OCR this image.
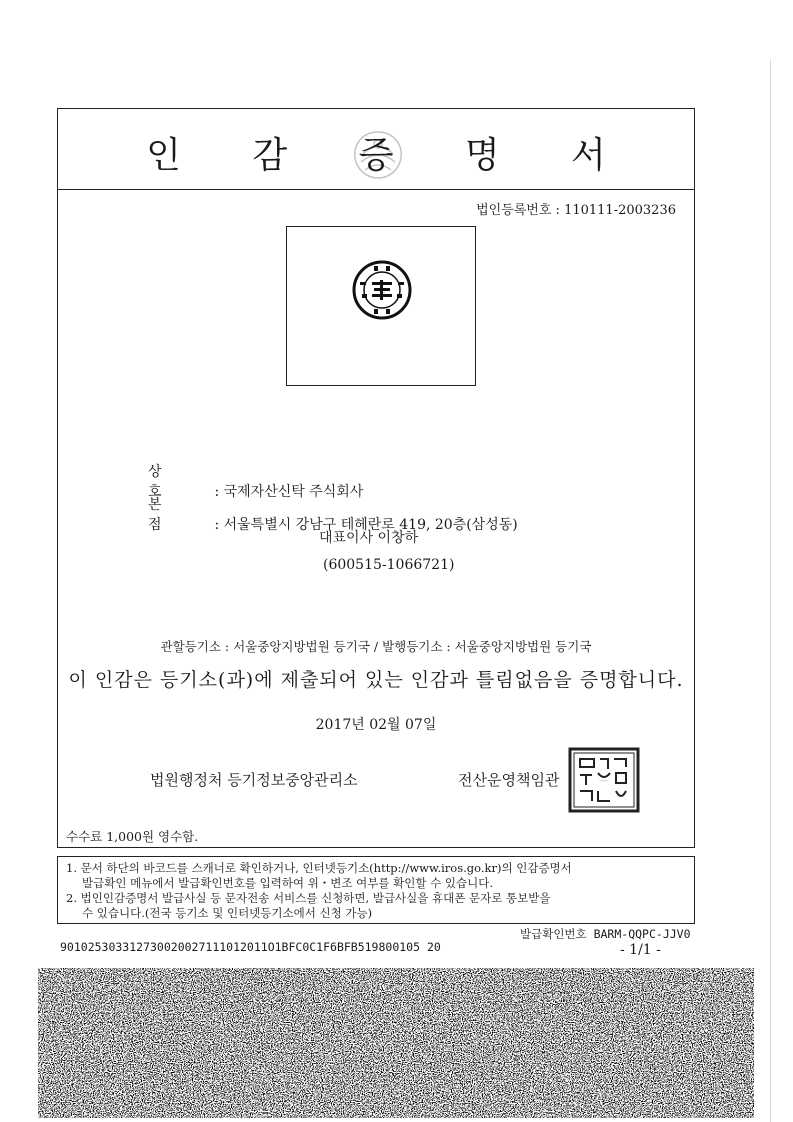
인 감 증 명 서
법인등록번호 : 110111-2003236
국제자산신탁
상 호 : 국제자산신탁 주식회사
본 점 : 서울특별시 강남구 테헤란로 419, 20층(삼성동)
대표이사 이창하
(600515-1066721)
관할등기소 : 서울중앙지방법원 등기국 / 발행등기소 : 서울중앙지방법원 등기국
이 인감은 등기소(과)에 제출되어 있는 인감과 틀림없음을 증명합니다.
2017년 02월 07일
법원행정처 등기정보중앙관리소	전산운영책임관	등기정보중앙관리소
수수료 1,000원 영수함.

1. 문서 하단의 바코드를 스캐너로 확인하거나, 인터넷등기소(http://www.iros.go.kr)의 인감증명서

발급확인 메뉴에서 발급확인번호를 입력하여 위・변조 여부를 확인할 수 있습니다.

2. 법인인감증명서 발급사실 등 문자전송 서비스를 신청하면, 발급사실을 휴대폰 문자로 통보받을

수 있습니다.(전국 등기소 및 인터넷등기소에서 신청 가능)

발급확인번호 BARM-QQPC-JJV0
901025303312730020027111012011O1BFC0C1F6BFB519800105 20	- 1/1 -
